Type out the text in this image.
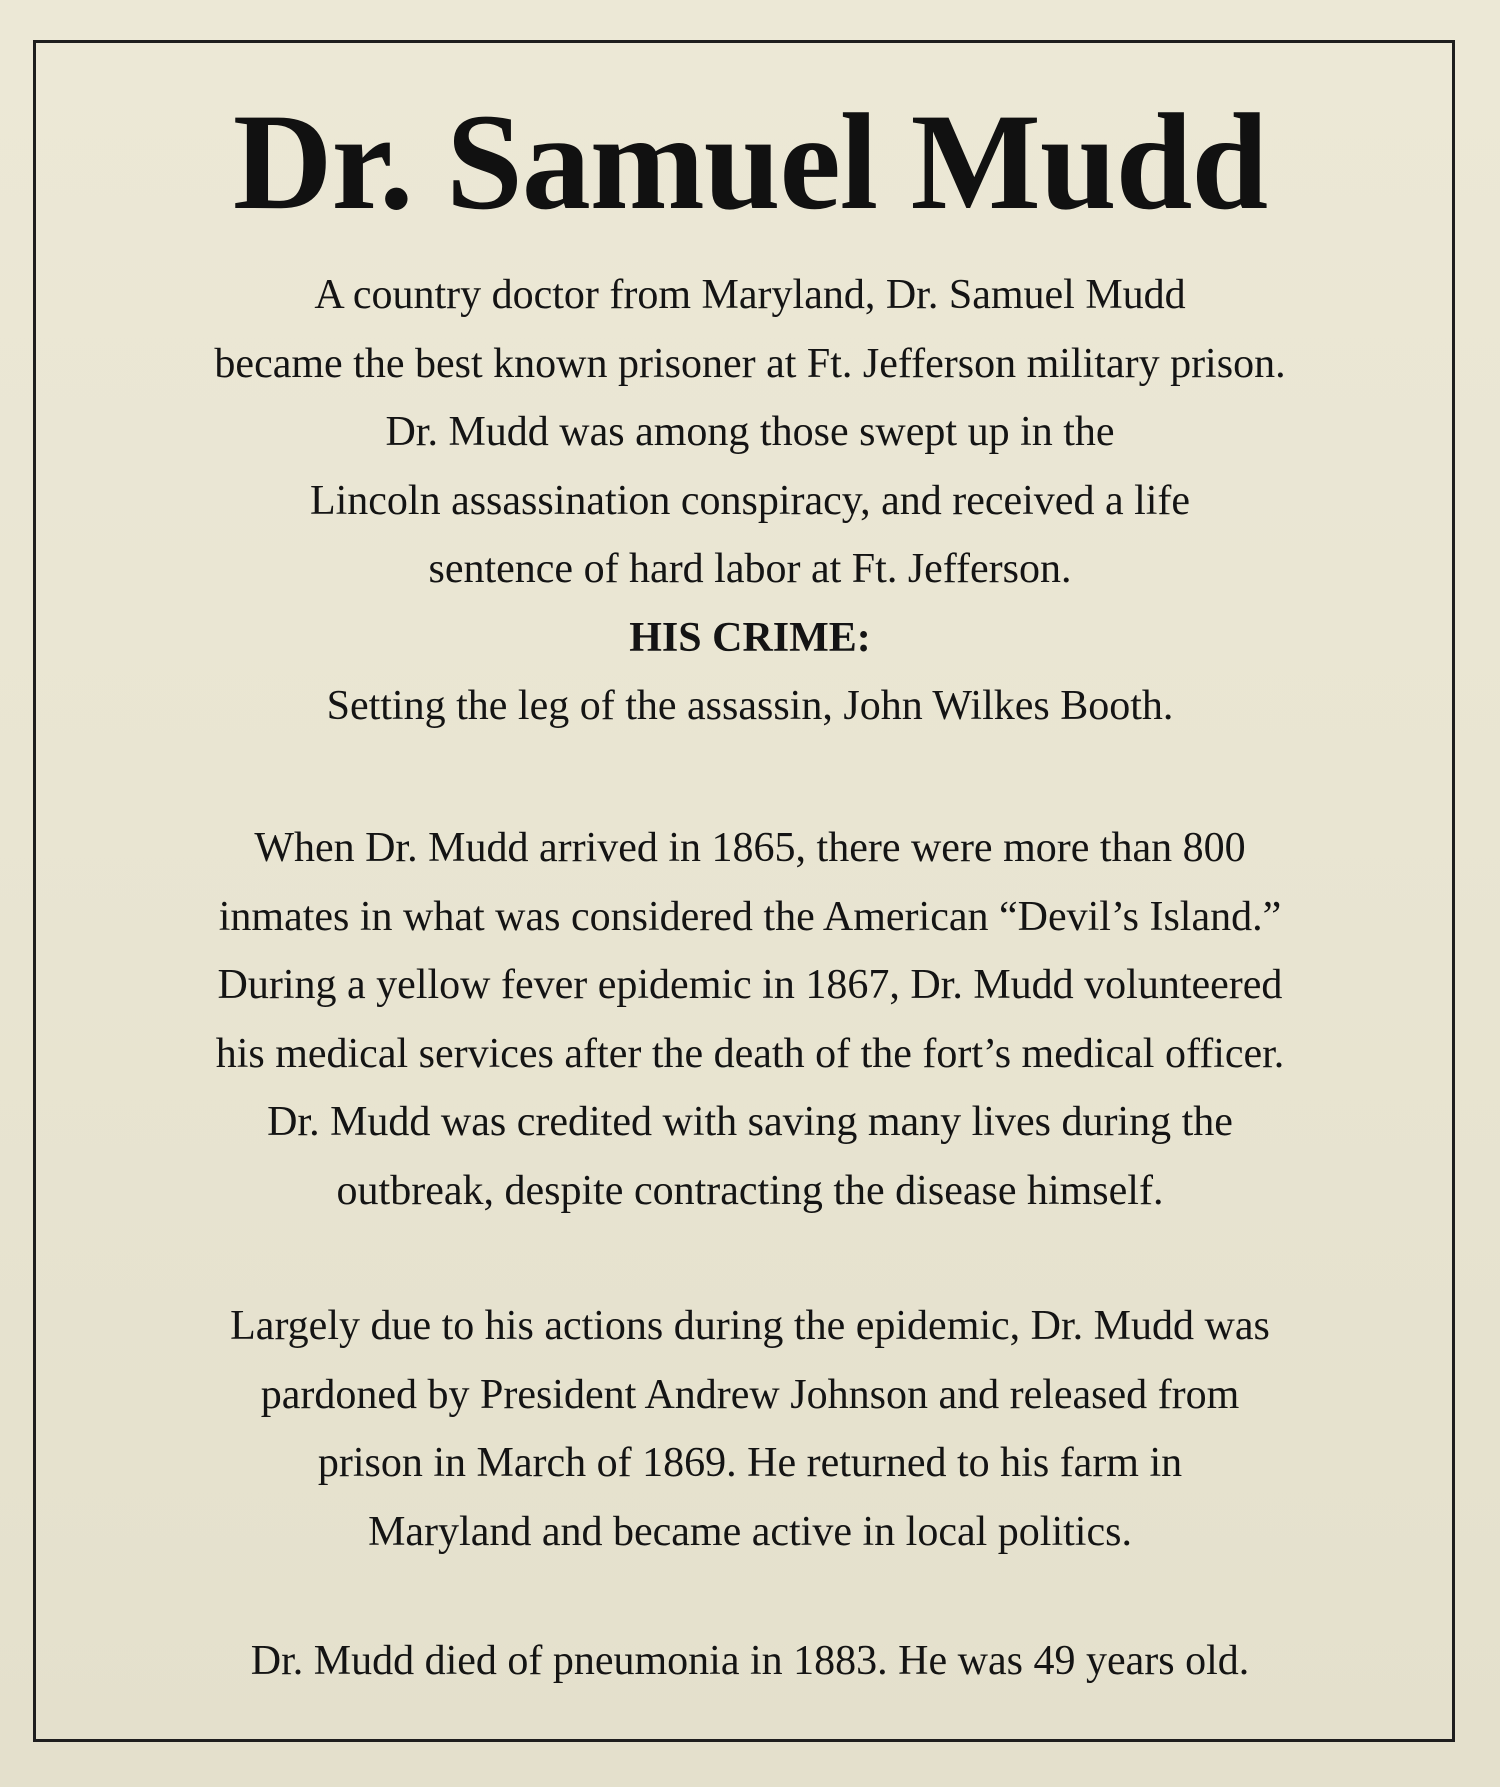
Dr. Samuel Mudd
A country doctor from Maryland, Dr. Samuel Mudd
became the best known prisoner at Ft. Jefferson military prison.
Dr. Mudd was among those swept up in the
Lincoln assassination conspiracy, and received a life
sentence of hard labor at Ft. Jefferson.
HIS CRIME:
Setting the leg of the assassin, John Wilkes Booth.
When Dr. Mudd arrived in 1865, there were more than 800
inmates in what was considered the American “Devil’s Island.”
During a yellow fever epidemic in 1867, Dr. Mudd volunteered
his medical services after the death of the fort’s medical officer.
Dr. Mudd was credited with saving many lives during the
outbreak, despite contracting the disease himself.
Largely due to his actions during the epidemic, Dr. Mudd was
pardoned by President Andrew Johnson and released from
prison in March of 1869. He returned to his farm in
Maryland and became active in local politics.
Dr. Mudd died of pneumonia in 1883. He was 49 years old.
